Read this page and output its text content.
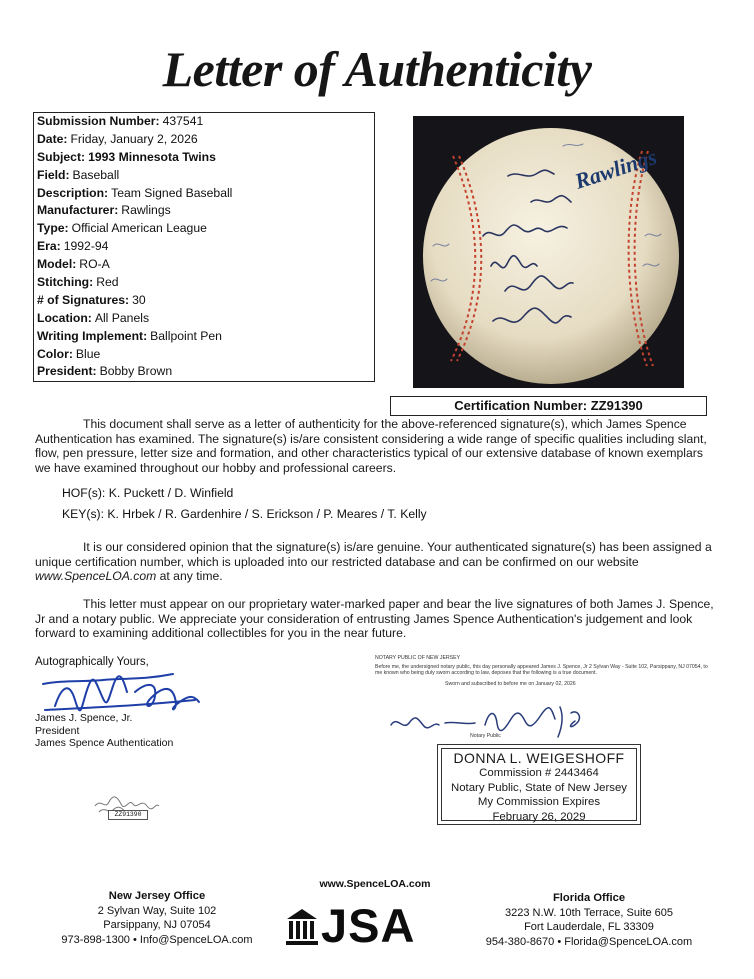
Letter of Authenticity
Submission Number: 437541
Date: Friday, January 2, 2026
Subject: 1993 Minnesota Twins
Field: Baseball
Description: Team Signed Baseball
Manufacturer: Rawlings
Type: Official American League
Era: 1992-94
Model: RO-A
Stitching: Red
# of Signatures: 30
Location: All Panels
Writing Implement: Ballpoint Pen
Color: Blue
President: Bobby Brown
Rawlings
Certification Number: ZZ91390
This document shall serve as a letter of authenticity for the above-referenced signature(s), which James Spence Authentication has examined. The signature(s) is/are consistent considering a wide range of specific qualities including slant, flow, pen pressure, letter size and formation, and other characteristics typical of our extensive database of known exemplars we have examined throughout our hobby and professional careers.
HOF(s): K. Puckett / D. Winfield
KEY(s): K. Hrbek / R. Gardenhire / S. Erickson / P. Meares / T. Kelly
It is our considered opinion that the signature(s) is/are genuine. Your authenticated signature(s) has been assigned a unique certification number, which is uploaded into our restricted database and can be confirmed on our website www.SpenceLOA.com at any time.
This letter must appear on our proprietary water-marked paper and bear the live signatures of both James J. Spence, Jr and a notary public. We appreciate your consideration of entrusting James Spence Authentication's judgement and look forward to examining additional collectibles for you in the near future.
Autographically Yours,
James J. Spence, Jr.
President
James Spence Authentication
NOTARY PUBLIC OF NEW JERSEY
Before me, the undersigned notary public, this day personally appeared James J. Spence, Jr 2 Sylvan Way - Suite 102, Parsippany, NJ 07054, to me known who being duly sworn according to law, deposes that the following is a true document.
Sworn and subscribed to before me on January 02, 2026
Notary Public
DONNA L. WEIGESHOFF
Commission # 2443464
Notary Public, State of New Jersey
My Commission Expires
February 26, 2029
ZZ91390
www.SpenceLOA.com
JSA
New Jersey Office
2 Sylvan Way, Suite 102
Parsippany, NJ 07054
973-898-1300 • Info@SpenceLOA.com
Florida Office
3223 N.W. 10th Terrace, Suite 605
Fort Lauderdale, FL 33309
954-380-8670 • Florida@SpenceLOA.com
